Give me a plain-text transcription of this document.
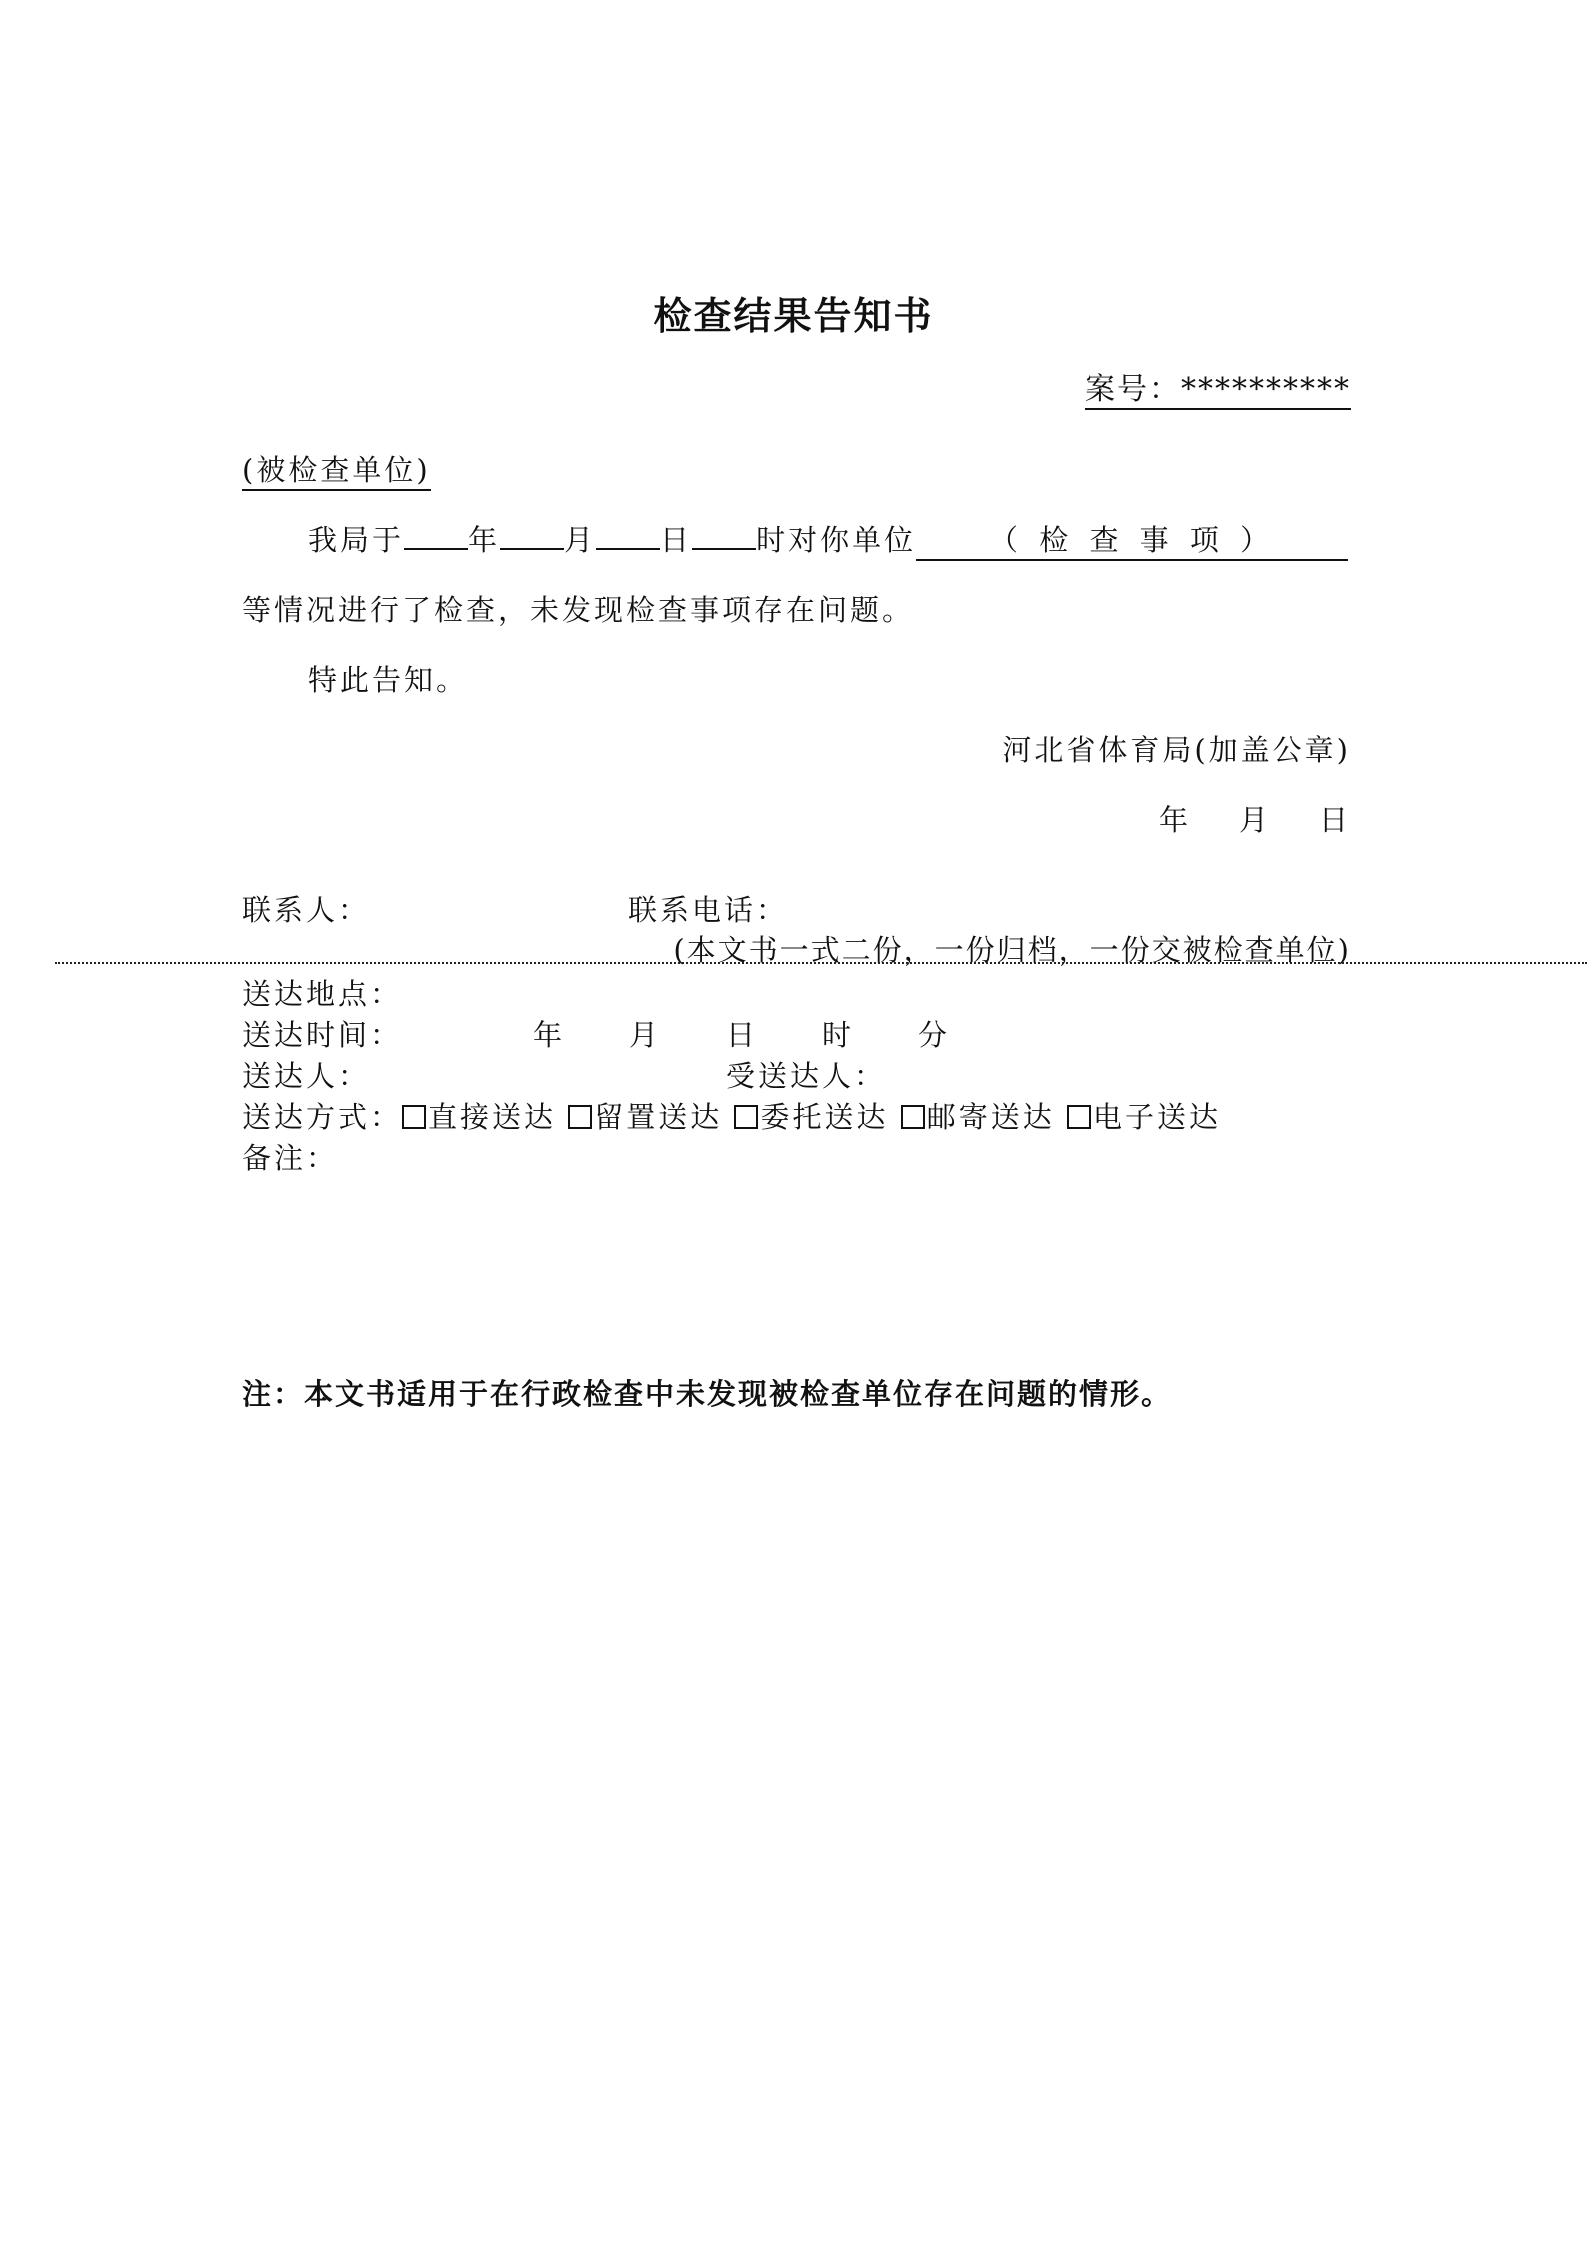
检查结果告知书
案号：**********
(被检查单位)
我局于 年 月 日 时对你单位	（ 检 查 事 项 ）
等情况进行了检查，未发现检查事项存在问题。
特此告知。
河北省体育局(加盖公章)
年 月 日
联系人：	联系电话：
(本文书一式二份，一份归档，一份交被检查单位)
送达地点：
送达时间：	年 月 日 时 分
送达人：	受送达人：
送达方式： 直接送达 留置送达 委托送达 邮寄送达 电子送达
备注：
注：本文书适用于在行政检查中未发现被检查单位存在问题的情形。
